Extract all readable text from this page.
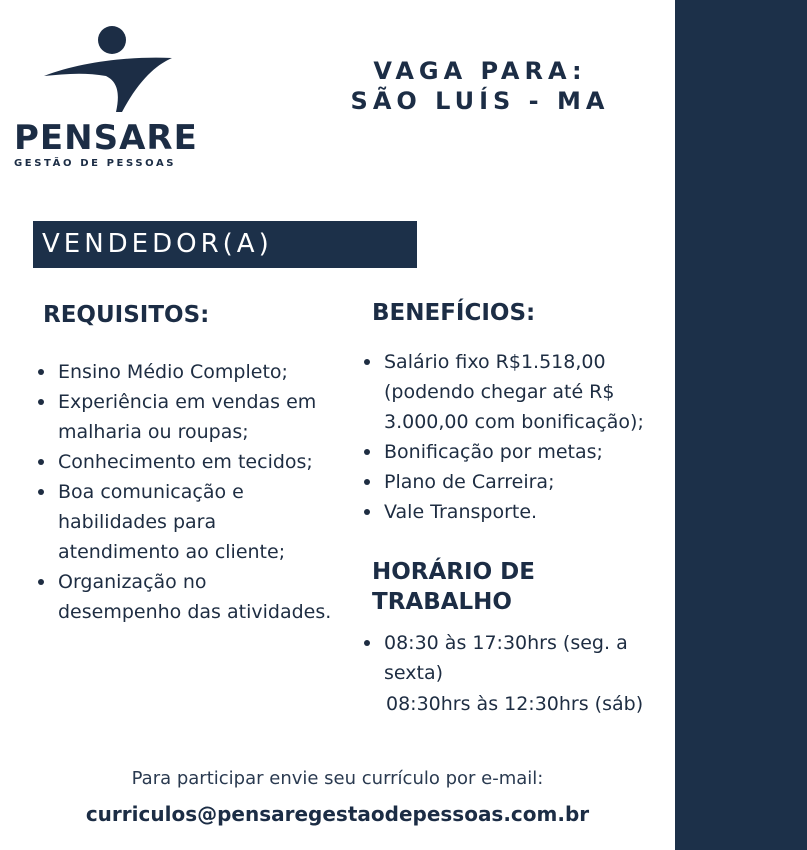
PENSARE
GESTÃO DE PESSOAS
VAGA PARA:
SÃO LUÍS - MA
VENDEDOR(A)
REQUISITOS:
Ensino Médio Completo;
Experiência em vendas em malharia ou roupas;
Conhecimento em tecidos;
Boa comunicação e habilidades para atendimento ao cliente;
Organização no desempenho das atividades.
BENEFÍCIOS:
Salário fixo R$1.518,00 (podendo chegar até R$ 3.000,00 com bonificação);
Bonificação por metas;
Plano de Carreira;
Vale Transporte.
HORÁRIO DE TRABALHO
08:30 às 17:30hrs (seg. a sexta)
08:30hrs às 12:30hrs (sáb)
Para participar envie seu currículo por e-mail:
curriculos@pensaregestaodepessoas.com.br
